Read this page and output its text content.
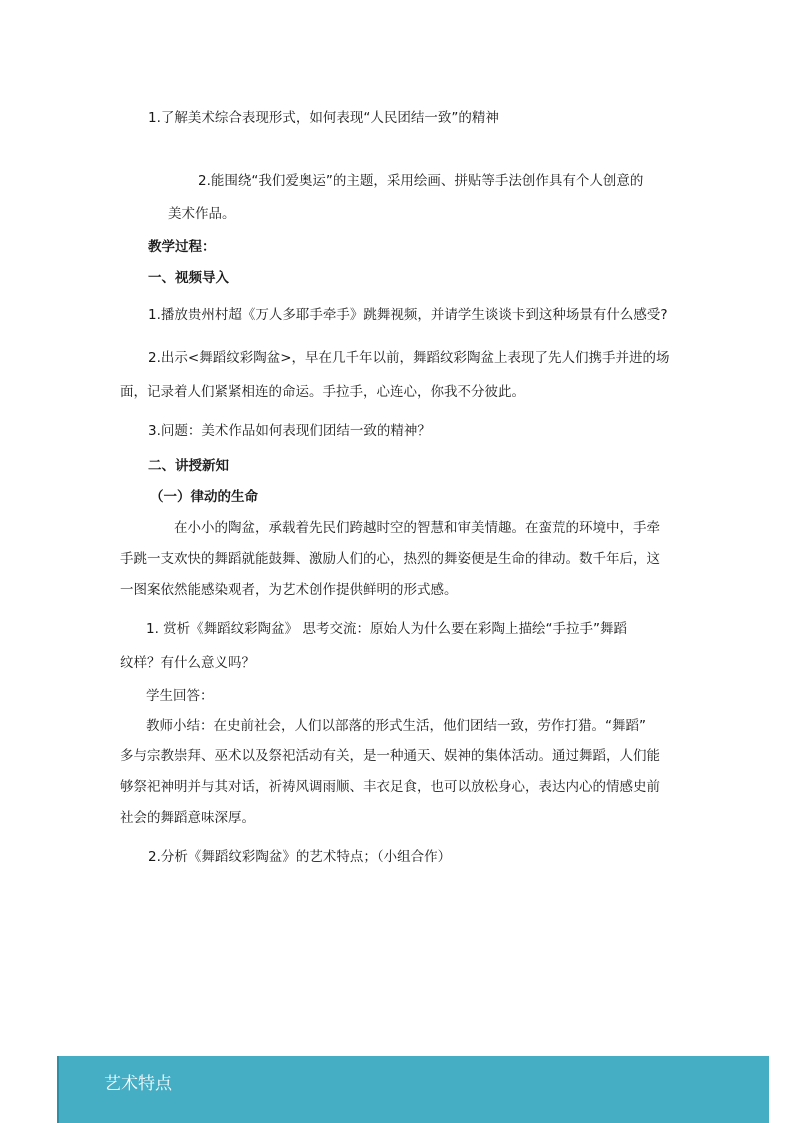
1.了解美术综合表现形式，如何表现“人民团结一致”的精神
2.能围绕“我们爱奥运”的主题，采用绘画、拼贴等手法创作具有个人创意的
美术作品。
教学过程：
一、视频导入
1.播放贵州村超《万人多耶手牵手》跳舞视频，并请学生谈谈卡到这种场景有什么感受?
2.出示<舞蹈纹彩陶盆>，早在几千年以前，舞蹈纹彩陶盆上表现了先人们携手并进的场
面，记录着人们紧紧相连的命运。手拉手，心连心，你我不分彼此。
3.问题：美术作品如何表现们团结一致的精神？
二、讲授新知
（一）律动的生命
在小小的陶盆，承载着先民们跨越时空的智慧和审美情趣。在蛮荒的环境中，手牵
手跳一支欢快的舞蹈就能鼓舞、激励人们的心，热烈的舞姿便是生命的律动。数千年后，这
一图案依然能感染观者，为艺术创作提供鲜明的形式感。
1. 赏析《舞蹈纹彩陶盆》 思考交流：原始人为什么要在彩陶上描绘“手拉手”舞蹈
纹样？有什么意义吗？
学生回答：
教师小结：在史前社会，人们以部落的形式生活，他们团结一致，劳作打猎。“舞蹈”
多与宗教崇拜、巫术以及祭祀活动有关，是一种通天、娱神的集体活动。通过舞蹈，人们能
够祭祀神明并与其对话，祈祷风调雨顺、丰衣足食，也可以放松身心，表达内心的情感史前
社会的舞蹈意味深厚。
2.分析《舞蹈纹彩陶盆》的艺术特点；（小组合作）
艺术特点
